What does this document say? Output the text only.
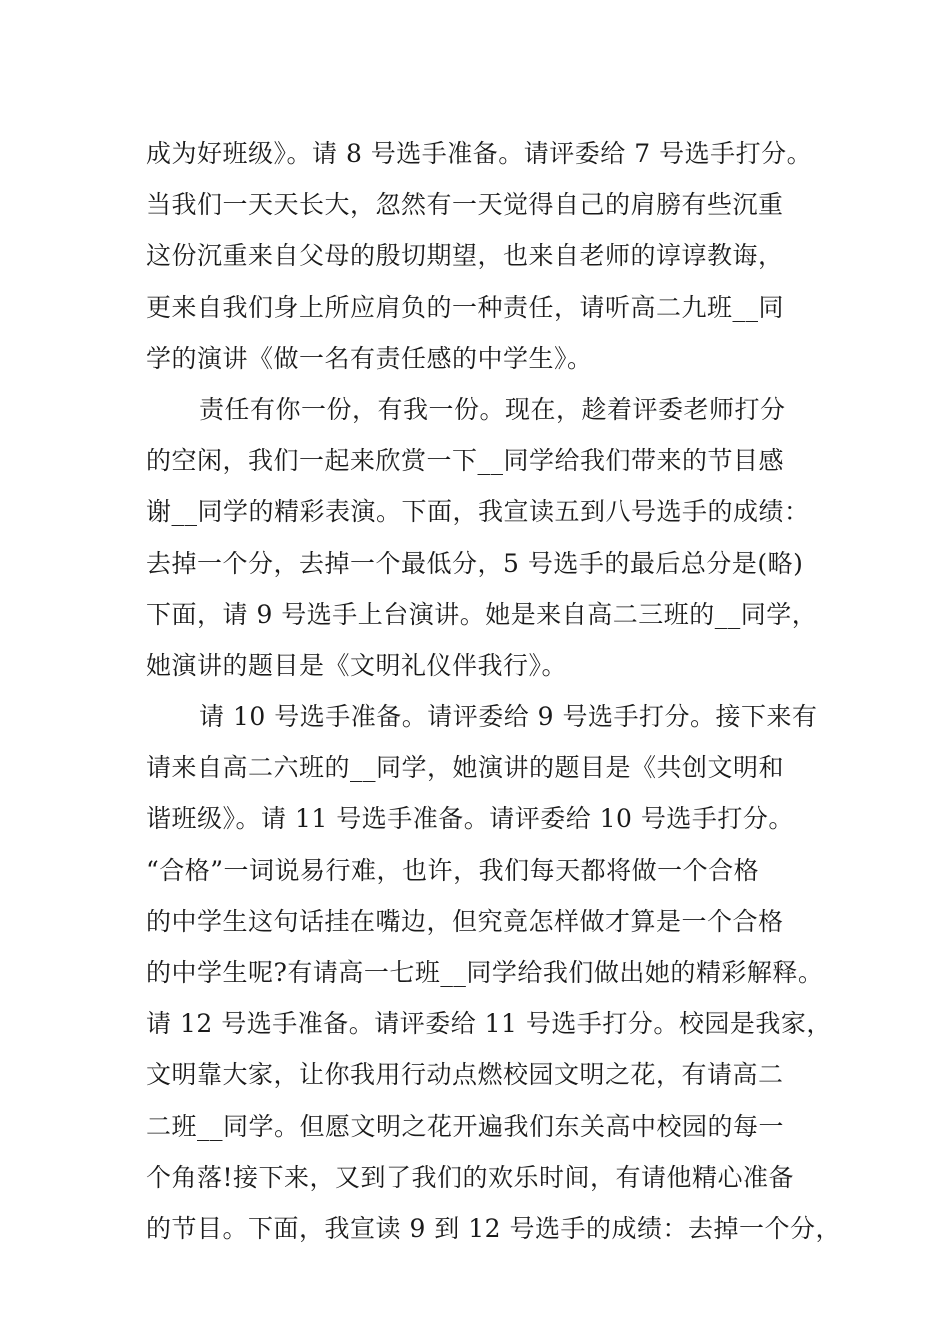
成为好班级》。请 8 号选手准备。请评委给 7 号选手打分。
当我们一天天长大，忽然有一天觉得自己的肩膀有些沉重
这份沉重来自父母的殷切期望，也来自老师的谆谆教诲，
更来自我们身上所应肩负的一种责任，请听高二九班__同
学的演讲《做一名有责任感的中学生》。
责任有你一份，有我一份。现在，趁着评委老师打分
的空闲，我们一起来欣赏一下__同学给我们带来的节目感
谢__同学的精彩表演。下面，我宣读五到八号选手的成绩：
去掉一个分，去掉一个最低分，5 号选手的最后总分是(略)
下面，请 9 号选手上台演讲。她是来自高二三班的__同学，
她演讲的题目是《文明礼仪伴我行》。
请 10 号选手准备。请评委给 9 号选手打分。接下来有
请来自高二六班的__同学，她演讲的题目是《共创文明和
谐班级》。请 11 号选手准备。请评委给 10 号选手打分。
“合格”一词说易行难，也许，我们每天都将做一个合格
的中学生这句话挂在嘴边，但究竟怎样做才算是一个合格
的中学生呢?有请高一七班__同学给我们做出她的精彩解释。
请 12 号选手准备。请评委给 11 号选手打分。校园是我家，
文明靠大家，让你我用行动点燃校园文明之花，有请高二
二班__同学。但愿文明之花开遍我们东关高中校园的每一
个角落!接下来，又到了我们的欢乐时间，有请他精心准备
的节目。下面，我宣读 9 到 12 号选手的成绩：去掉一个分，
